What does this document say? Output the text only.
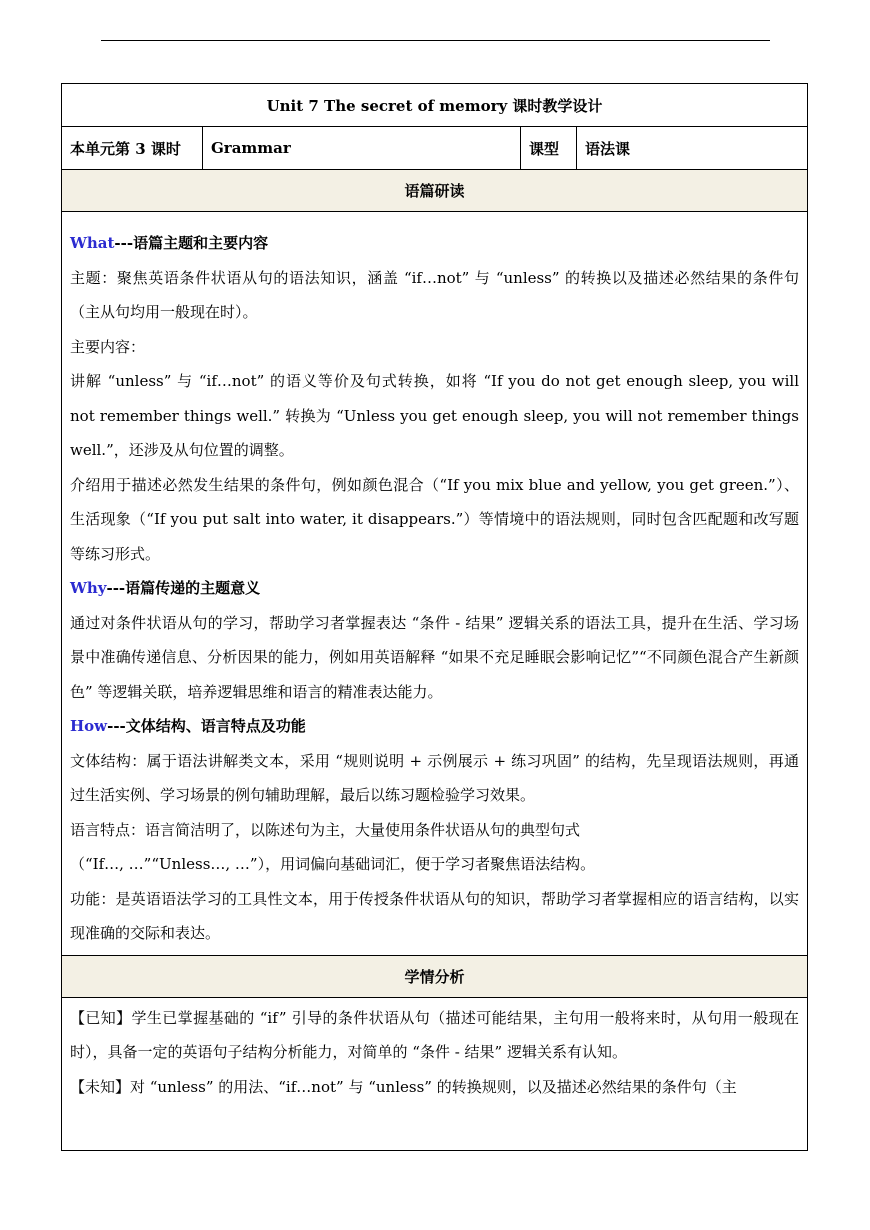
Unit 7 The secret of memory 课时教学设计
本单元第 3 课时	Grammar	课型	语法课
语篇研读

What---语篇主题和主要内容

主题：聚焦英语条件状语从句的语法知识，涵盖 “if…not” 与 “unless” 的转换以及描述必然结果的条件句（主从句均用一般现在时）。

主要内容：

讲解 “unless” 与 “if…not” 的语义等价及句式转换，如将 “If you do not get enough sleep, you will not remember things well.” 转换为 “Unless you get enough sleep, you will not remember things well.”，还涉及从句位置的调整。

介绍用于描述必然发生结果的条件句，例如颜色混合（“If you mix blue and yellow, you get green.”）、生活现象（“If you put salt into water, it disappears.”）等情境中的语法规则，同时包含匹配题和改写题等练习形式。

Why---语篇传递的主题意义

通过对条件状语从句的学习，帮助学习者掌握表达 “条件 - 结果” 逻辑关系的语法工具，提升在生活、学习场景中准确传递信息、分析因果的能力，例如用英语解释 “如果不充足睡眠会影响记忆”“不同颜色混合产生新颜色” 等逻辑关联，培养逻辑思维和语言的精准表达能力。

How---文体结构、语言特点及功能

文体结构：属于语法讲解类文本，采用 “规则说明 + 示例展示 + 练习巩固” 的结构，先呈现语法规则，再通过生活实例、学习场景的例句辅助理解，最后以练习题检验学习效果。

语言特点：语言简洁明了，以陈述句为主，大量使用条件状语从句的典型句式

（“If…, …”“Unless…, …”），用词偏向基础词汇，便于学习者聚焦语法结构。

功能：是英语语法学习的工具性文本，用于传授条件状语从句的知识，帮助学习者掌握相应的语言结构，以实现准确的交际和表达。

学情分析

【已知】学生已掌握基础的 “if” 引导的条件状语从句（描述可能结果，主句用一般将来时，从句用一般现在时），具备一定的英语句子结构分析能力，对简单的 “条件 - 结果” 逻辑关系有认知。

【未知】对 “unless” 的用法、“if…not” 与 “unless” 的转换规则，以及描述必然结果的条件句（主
